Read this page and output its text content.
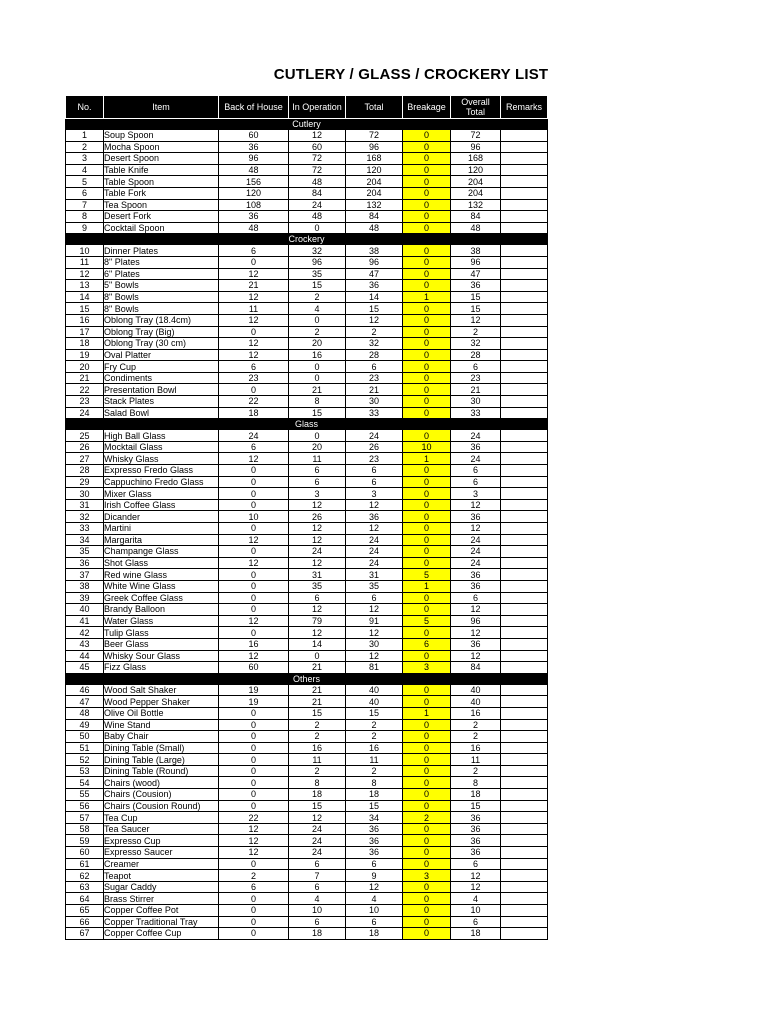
CUTLERY / GLASS / CROCKERY LIST
No.	Item	Back of House	In Operation	Total	Breakage	Overall Total	Remarks
Cutlery							
1	Soup Spoon	60	12	72	0	72	
2	Mocha Spoon	36	60	96	0	96	
3	Desert Spoon	96	72	168	0	168	
4	Table Knife	48	72	120	0	120	
5	Table Spoon	156	48	204	0	204	
6	Table Fork	120	84	204	0	204	
7	Tea Spoon	108	24	132	0	132	
8	Desert Fork	36	48	84	0	84	
9	Cocktail Spoon	48	0	48	0	48	
Crockery							
10	Dinner Plates	6	32	38	0	38	
11	8" Plates	0	96	96	0	96	
12	6" Plates	12	35	47	0	47	
13	5" Bowls	21	15	36	0	36	
14	8" Bowls	12	2	14	1	15	
15	8" Bowls	11	4	15	0	15	
16	Oblong Tray (18.4cm)	12	0	12	0	12	
17	Oblong Tray (Big)	0	2	2	0	2	
18	Oblong Tray (30 cm)	12	20	32	0	32	
19	Oval Platter	12	16	28	0	28	
20	Fry Cup	6	0	6	0	6	
21	Condiments	23	0	23	0	23	
22	Presentation Bowl	0	21	21	0	21	
23	Stack Plates	22	8	30	0	30	
24	Salad Bowl	18	15	33	0	33	
Glass							
25	High Ball Glass	24	0	24	0	24	
26	Mocktail Glass	6	20	26	10	36	
27	Whisky Glass	12	11	23	1	24	
28	Expresso Fredo Glass	0	6	6	0	6	
29	Cappuchino Fredo Glass	0	6	6	0	6	
30	Mixer Glass	0	3	3	0	3	
31	Irish Coffee Glass	0	12	12	0	12	
32	Dicander	10	26	36	0	36	
33	Martini	0	12	12	0	12	
34	Margarita	12	12	24	0	24	
35	Champange Glass	0	24	24	0	24	
36	Shot Glass	12	12	24	0	24	
37	Red wine Glass	0	31	31	5	36	
38	White Wine Glass	0	35	35	1	36	
39	Greek Coffee Glass	0	6	6	0	6	
40	Brandy Balloon	0	12	12	0	12	
41	Water Glass	12	79	91	5	96	
42	Tulip Glass	0	12	12	0	12	
43	Beer Glass	16	14	30	6	36	
44	Whisky Sour Glass	12	0	12	0	12	
45	Fizz Glass	60	21	81	3	84	
Others							
46	Wood Salt Shaker	19	21	40	0	40	
47	Wood Pepper Shaker	19	21	40	0	40	
48	Olive Oil Bottle	0	15	15	1	16	
49	Wine Stand	0	2	2	0	2	
50	Baby Chair	0	2	2	0	2	
51	Dining Table (Small)	0	16	16	0	16	
52	Dining Table (Large)	0	11	11	0	11	
53	Dining Table (Round)	0	2	2	0	2	
54	Chairs (wood)	0	8	8	0	8	
55	Chairs (Cousion)	0	18	18	0	18	
56	Chairs (Cousion Round)	0	15	15	0	15	
57	Tea Cup	22	12	34	2	36	
58	Tea Saucer	12	24	36	0	36	
59	Expresso Cup	12	24	36	0	36	
60	Expresso Saucer	12	24	36	0	36	
61	Creamer	0	6	6	0	6	
62	Teapot	2	7	9	3	12	
63	Sugar Caddy	6	6	12	0	12	
64	Brass Stirrer	0	4	4	0	4	
65	Copper Coffee Pot	0	10	10	0	10	
66	Copper Traditional Tray	0	6	6	0	6	
67	Copper Coffee Cup	0	18	18	0	18	
